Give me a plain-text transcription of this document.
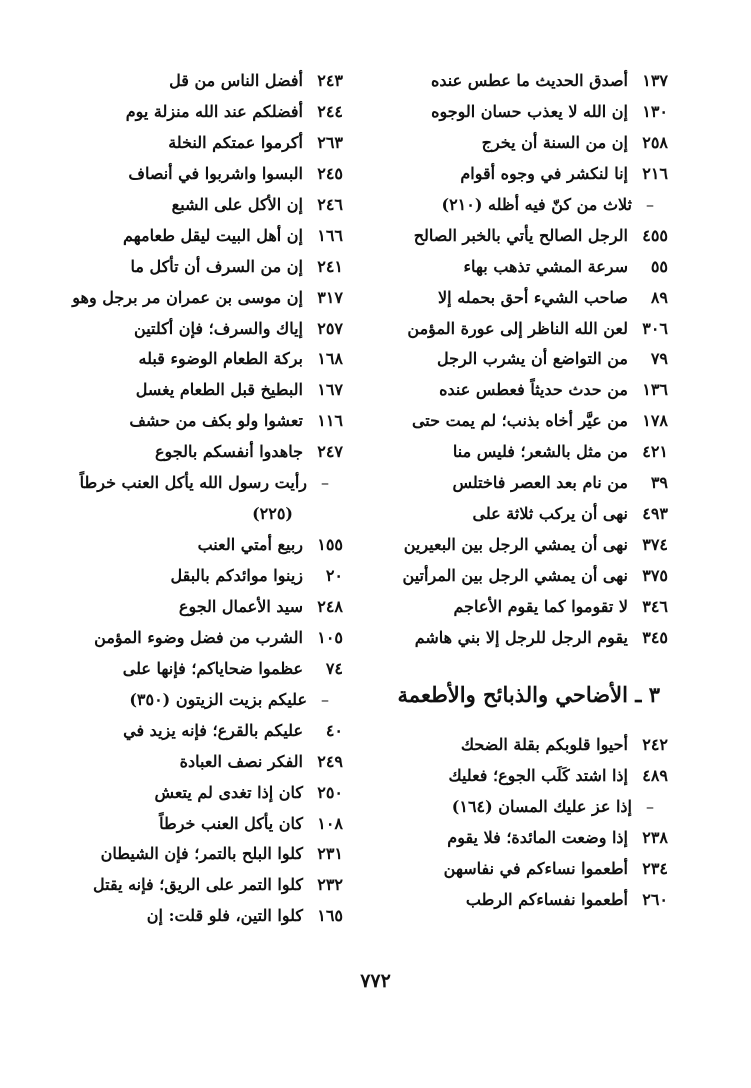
١٣٧
أصدق الحديث ما عطس عنده
١٣٠
إن الله لا يعذب حسان الوجوه
٢٥٨
إن من السنة أن يخرج
٢١٦
إنا لنكشر في وجوه أقوام
–
ثلاث من كنّ فيه أظله (٢١٠)
٤٥٥
الرجل الصالح يأتي بالخبر الصالح
٥٥
سرعة المشي تذهب بهاء
٨٩
صاحب الشيء أحق بحمله إلا
٣٠٦
لعن الله الناظر إلى عورة المؤمن
٧٩
من التواضع أن يشرب الرجل
١٣٦
من حدث حديثاً فعطس عنده
١٧٨
من عيَّر أخاه بذنب؛ لم يمت حتى
٤٢١
من مثل بالشعر؛ فليس منا
٣٩
من نام بعد العصر فاختلس
٤٩٣
نهى أن يركب ثلاثة على
٣٧٤
نهى أن يمشي الرجل بين البعيرين
٣٧٥
نهى أن يمشي الرجل بين المرأتين
٣٤٦
لا تقوموا كما يقوم الأعاجم
٣٤٥
يقوم الرجل للرجل إلا بني هاشم
٣ ـ الأضاحي والذبائح والأطعمة
٢٤٢
أحيوا قلوبكم بقلة الضحك
٤٨٩
إذا اشتد كَلَب الجوع؛ فعليك
–
إذا عز عليك المسان (١٦٤)
٢٣٨
إذا وضعت المائدة؛ فلا يقوم
٢٣٤
أطعموا نساءكم في نفاسهن
٢٦٠
أطعموا نفساءكم الرطب
٢٤٣
أفضل الناس من قل
٢٤٤
أفضلكم عند الله منزلة يوم
٢٦٣
أكرموا عمتكم النخلة
٢٤٥
البسوا واشربوا في أنصاف
٢٤٦
إن الأكل على الشبع
١٦٦
إن أهل البيت ليقل طعامهم
٢٤١
إن من السرف أن تأكل ما
٣١٧
إن موسى بن عمران مر برجل وهو
٢٥٧
إياك والسرف؛ فإن أكلتين
١٦٨
بركة الطعام الوضوء قبله
١٦٧
البطيخ قبل الطعام يغسل
١١٦
تعشوا ولو بكف من حشف
٢٤٧
جاهدوا أنفسكم بالجوع
–
رأيت رسول الله يأكل العنب خرطاً
(٢٢٥)
١٥٥
ربيع أمتي العنب
٢٠
زينوا موائدكم بالبقل
٢٤٨
سيد الأعمال الجوع
١٠٥
الشرب من فضل وضوء المؤمن
٧٤
عظموا ضحاياكم؛ فإنها على
–
عليكم بزيت الزيتون (٣٥٠)
٤٠
عليكم بالقرع؛ فإنه يزيد في
٢٤٩
الفكر نصف العبادة
٢٥٠
كان إذا تغدى لم يتعش
١٠٨
كان يأكل العنب خرطاً
٢٣١
كلوا البلح بالتمر؛ فإن الشيطان
٢٣٢
كلوا التمر على الريق؛ فإنه يقتل
١٦٥
كلوا التين، فلو قلت: إن
٧٧٢
